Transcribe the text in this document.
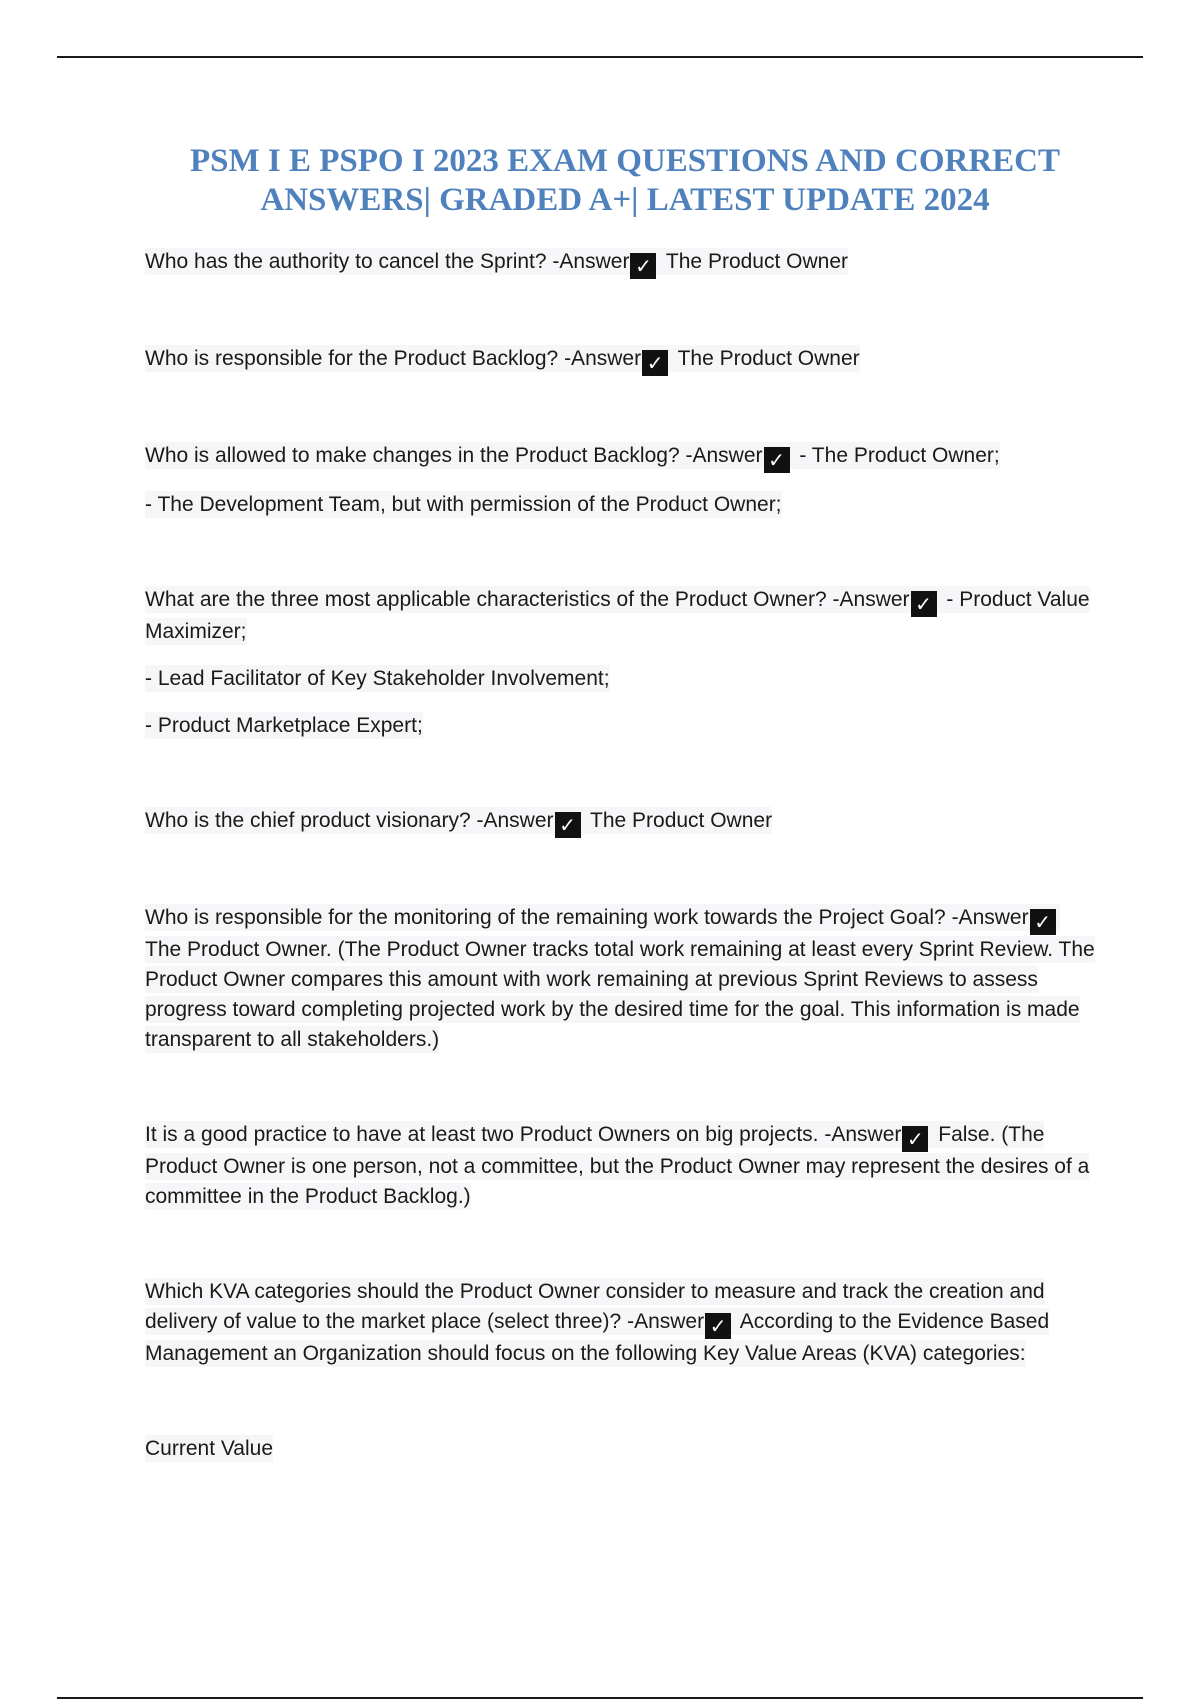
PSM I E PSPO I 2023 EXAM QUESTIONS AND CORRECT ANSWERS| GRADED A+| LATEST UPDATE 2024

Who has the authority to cancel the Sprint? -Answer ✓ The Product Owner

Who is responsible for the Product Backlog? -Answer ✓ The Product Owner

Who is allowed to make changes in the Product Backlog? -Answer ✓ - The Product Owner;

- The Development Team, but with permission of the Product Owner;

What are the three most applicable characteristics of the Product Owner? -Answer ✓ - Product Value Maximizer;

- Lead Facilitator of Key Stakeholder Involvement;

- Product Marketplace Expert;

Who is the chief product visionary? -Answer ✓ The Product Owner

Who is responsible for the monitoring of the remaining work towards the Project Goal? -Answer ✓ The Product Owner. (The Product Owner tracks total work remaining at least every Sprint Review. The Product Owner compares this amount with work remaining at previous Sprint Reviews to assess progress toward completing projected work by the desired time for the goal. This information is made transparent to all stakeholders.)

It is a good practice to have at least two Product Owners on big projects. -Answer ✓ False. (The Product Owner is one person, not a committee, but the Product Owner may represent the desires of a committee in the Product Backlog.)

Which KVA categories should the Product Owner consider to measure and track the creation and delivery of value to the market place (select three)? -Answer ✓ According to the Evidence Based Management an Organization should focus on the following Key Value Areas (KVA) categories:

Current Value
